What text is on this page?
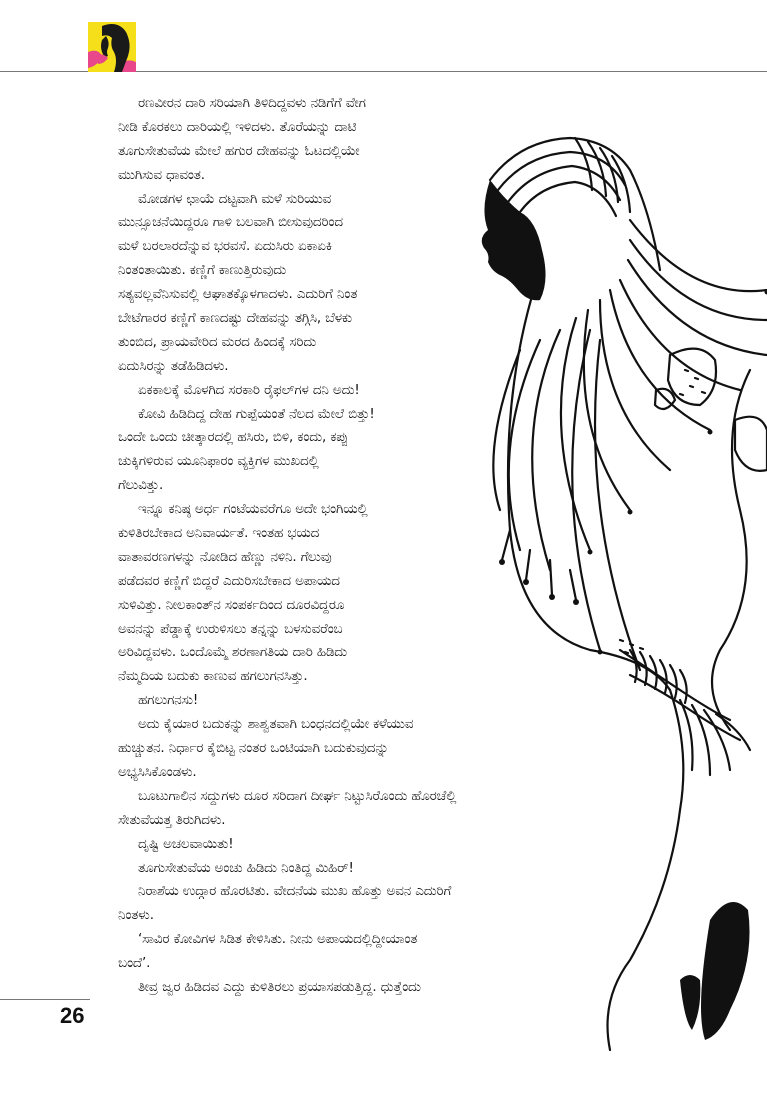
ರಣವೀರನ ದಾರಿ ಸರಿಯಾಗಿ ತಿಳಿದಿದ್ದವಳು ನಡಿಗೆಗೆ ವೇಗ
ನೀಡಿ ಕೊರಕಲು ದಾರಿಯಲ್ಲಿ ಇಳಿದಳು. ತೊರೆಯನ್ನು ದಾಟಿ
ತೂಗುಸೇತುವೆಯ ಮೇಲೆ ಹಗುರ ದೇಹವನ್ನು ಓಟದಲ್ಲಿಯೇ
ಮುಗಿಸುವ ಧಾವಂತ.
ಮೋಡಗಳ ಛಾಯೆ ದಟ್ಟವಾಗಿ ಮಳೆ ಸುರಿಯುವ
ಮುನ್ಸೂಚನೆಯಿದ್ದರೂ ಗಾಳಿ ಬಲವಾಗಿ ಬೀಸುವುದರಿಂದ
ಮಳೆ ಬರಲಾರದೆನ್ನುವ ಭರವಸೆ. ಏದುಸಿರು ಏಕಾಏಕಿ
ನಿಂತಂತಾಯಿತು. ಕಣ್ಣಿಗೆ ಕಾಣುತ್ತಿರುವುದು
ಸತ್ಯವಲ್ಲವೆನಿಸುವಲ್ಲಿ ಆಘಾತಕ್ಕೊಳಗಾದಳು. ಎದುರಿಗೆ ನಿಂತ
ಬೇಟೆಗಾರರ ಕಣ್ಣಿಗೆ ಕಾಣದಷ್ಟು ದೇಹವನ್ನು ತಗ್ಗಿಸಿ, ಬೆಳಕು
ತುಂಬಿದ, ಪ್ರಾಯವೇರಿದ ಮರದ ಹಿಂದಕ್ಕೆ ಸರಿದು
ಏದುಸಿರನ್ನು ತಡೆಹಿಡಿದಳು.
ಏಕಕಾಲಕ್ಕೆ ಮೊಳಗಿದ ಸರಕಾರಿ ರೈಫಲ್‌ಗಳ ದನಿ ಅದು!
ಕೋವಿ ಹಿಡಿದಿದ್ದ ದೇಹ ಗುಪ್ಪೆಯಂತೆ ನೆಲದ ಮೇಲೆ ಬಿತ್ತು!
ಒಂದೇ ಒಂದು ಚೀತ್ಕಾರದಲ್ಲಿ ಹಸಿರು, ಬಿಳಿ, ಕಂದು, ಕಪ್ಪು
ಚುಕ್ಕಿಗಳಿರುವ ಯೂನಿಫಾರಂ ವ್ಯಕ್ತಿಗಳ ಮುಖದಲ್ಲಿ
ಗೆಲುವಿತ್ತು.
ಇನ್ನೂ ಕನಿಷ್ಠ ಅರ್ಧ ಗಂಟೆಯವರೆಗೂ ಅದೇ ಭಂಗಿಯಲ್ಲಿ
ಕುಳಿತಿರಬೇಕಾದ ಅನಿವಾರ್ಯತೆ. ಇಂತಹ ಭಯದ
ವಾತಾವರಣಗಳನ್ನು ನೋಡಿದ ಹೆಣ್ಣು ನಳಿನಿ. ಗೆಲುವು
ಪಡೆದವರ ಕಣ್ಣಿಗೆ ಬಿದ್ದರೆ ಎದುರಿಸಬೇಕಾದ ಅಪಾಯದ
ಸುಳಿವಿತ್ತು. ನೀಲಕಾಂತ್‌ನ ಸಂಪರ್ಕದಿಂದ ದೂರವಿದ್ದರೂ
ಅವನನ್ನು ಪೆಡ್ಡಾಕ್ಕೆ ಉರುಳಿಸಲು ತನ್ನನ್ನು ಬಳಸುವರೆಂಬ
ಅರಿವಿದ್ದವಳು. ಒಂದೊಮ್ಮೆ ಶರಣಾಗತಿಯ ದಾರಿ ಹಿಡಿದು
ನೆಮ್ಮದಿಯ ಬದುಕು ಕಾಣುವ ಹಗಲುಗನಸಿತ್ತು.
ಹಗಲುಗನಸು!
ಅದು ಕೈಯಾರ ಬದುಕನ್ನು ಶಾಶ್ವತವಾಗಿ ಬಂಧನದಲ್ಲಿಯೇ ಕಳೆಯುವ
ಹುಚ್ಚುತನ. ನಿರ್ಧಾರ ಕೈಬಿಟ್ಟ ನಂತರ ಒಂಟಿಯಾಗಿ ಬದುಕುವುದನ್ನು
ಅಭ್ಯಸಿಸಿಕೊಂಡಳು.
ಬೂಟುಗಾಲಿನ ಸದ್ದುಗಳು ದೂರ ಸರಿದಾಗ ದೀರ್ಘ ನಿಟ್ಟುಸಿರೊಂದು ಹೊರಚೆಲ್ಲಿ
ಸೇತುವೆಯತ್ತ ತಿರುಗಿದಳು.
ದೃಷ್ಟಿ ಅಚಲವಾಯಿತು!
ತೂಗುಸೇತುವೆಯ ಅಂಚು ಹಿಡಿದು ನಿಂತಿದ್ದ ಮಿಹಿರ್!
ನಿರಾಶೆಯ ಉದ್ಗಾರ ಹೊರಟಿತು. ವೇದನೆಯ ಮುಖ ಹೊತ್ತು ಅವನ ಎದುರಿಗೆ
ನಿಂತಳು.
‘ಸಾವಿರ ಕೋವಿಗಳ ಸಿಡಿತ ಕೇಳಿಸಿತು. ನೀನು ಅಪಾಯದಲ್ಲಿದ್ದೀಯಾಂತ
ಬಂದೆ’.
ತೀವ್ರ ಜ್ವರ ಹಿಡಿದವ ಎದ್ದು ಕುಳಿತಿರಲು ಪ್ರಯಾಸಪಡುತ್ತಿದ್ದ. ಧುತ್ತೆಂದು
26
